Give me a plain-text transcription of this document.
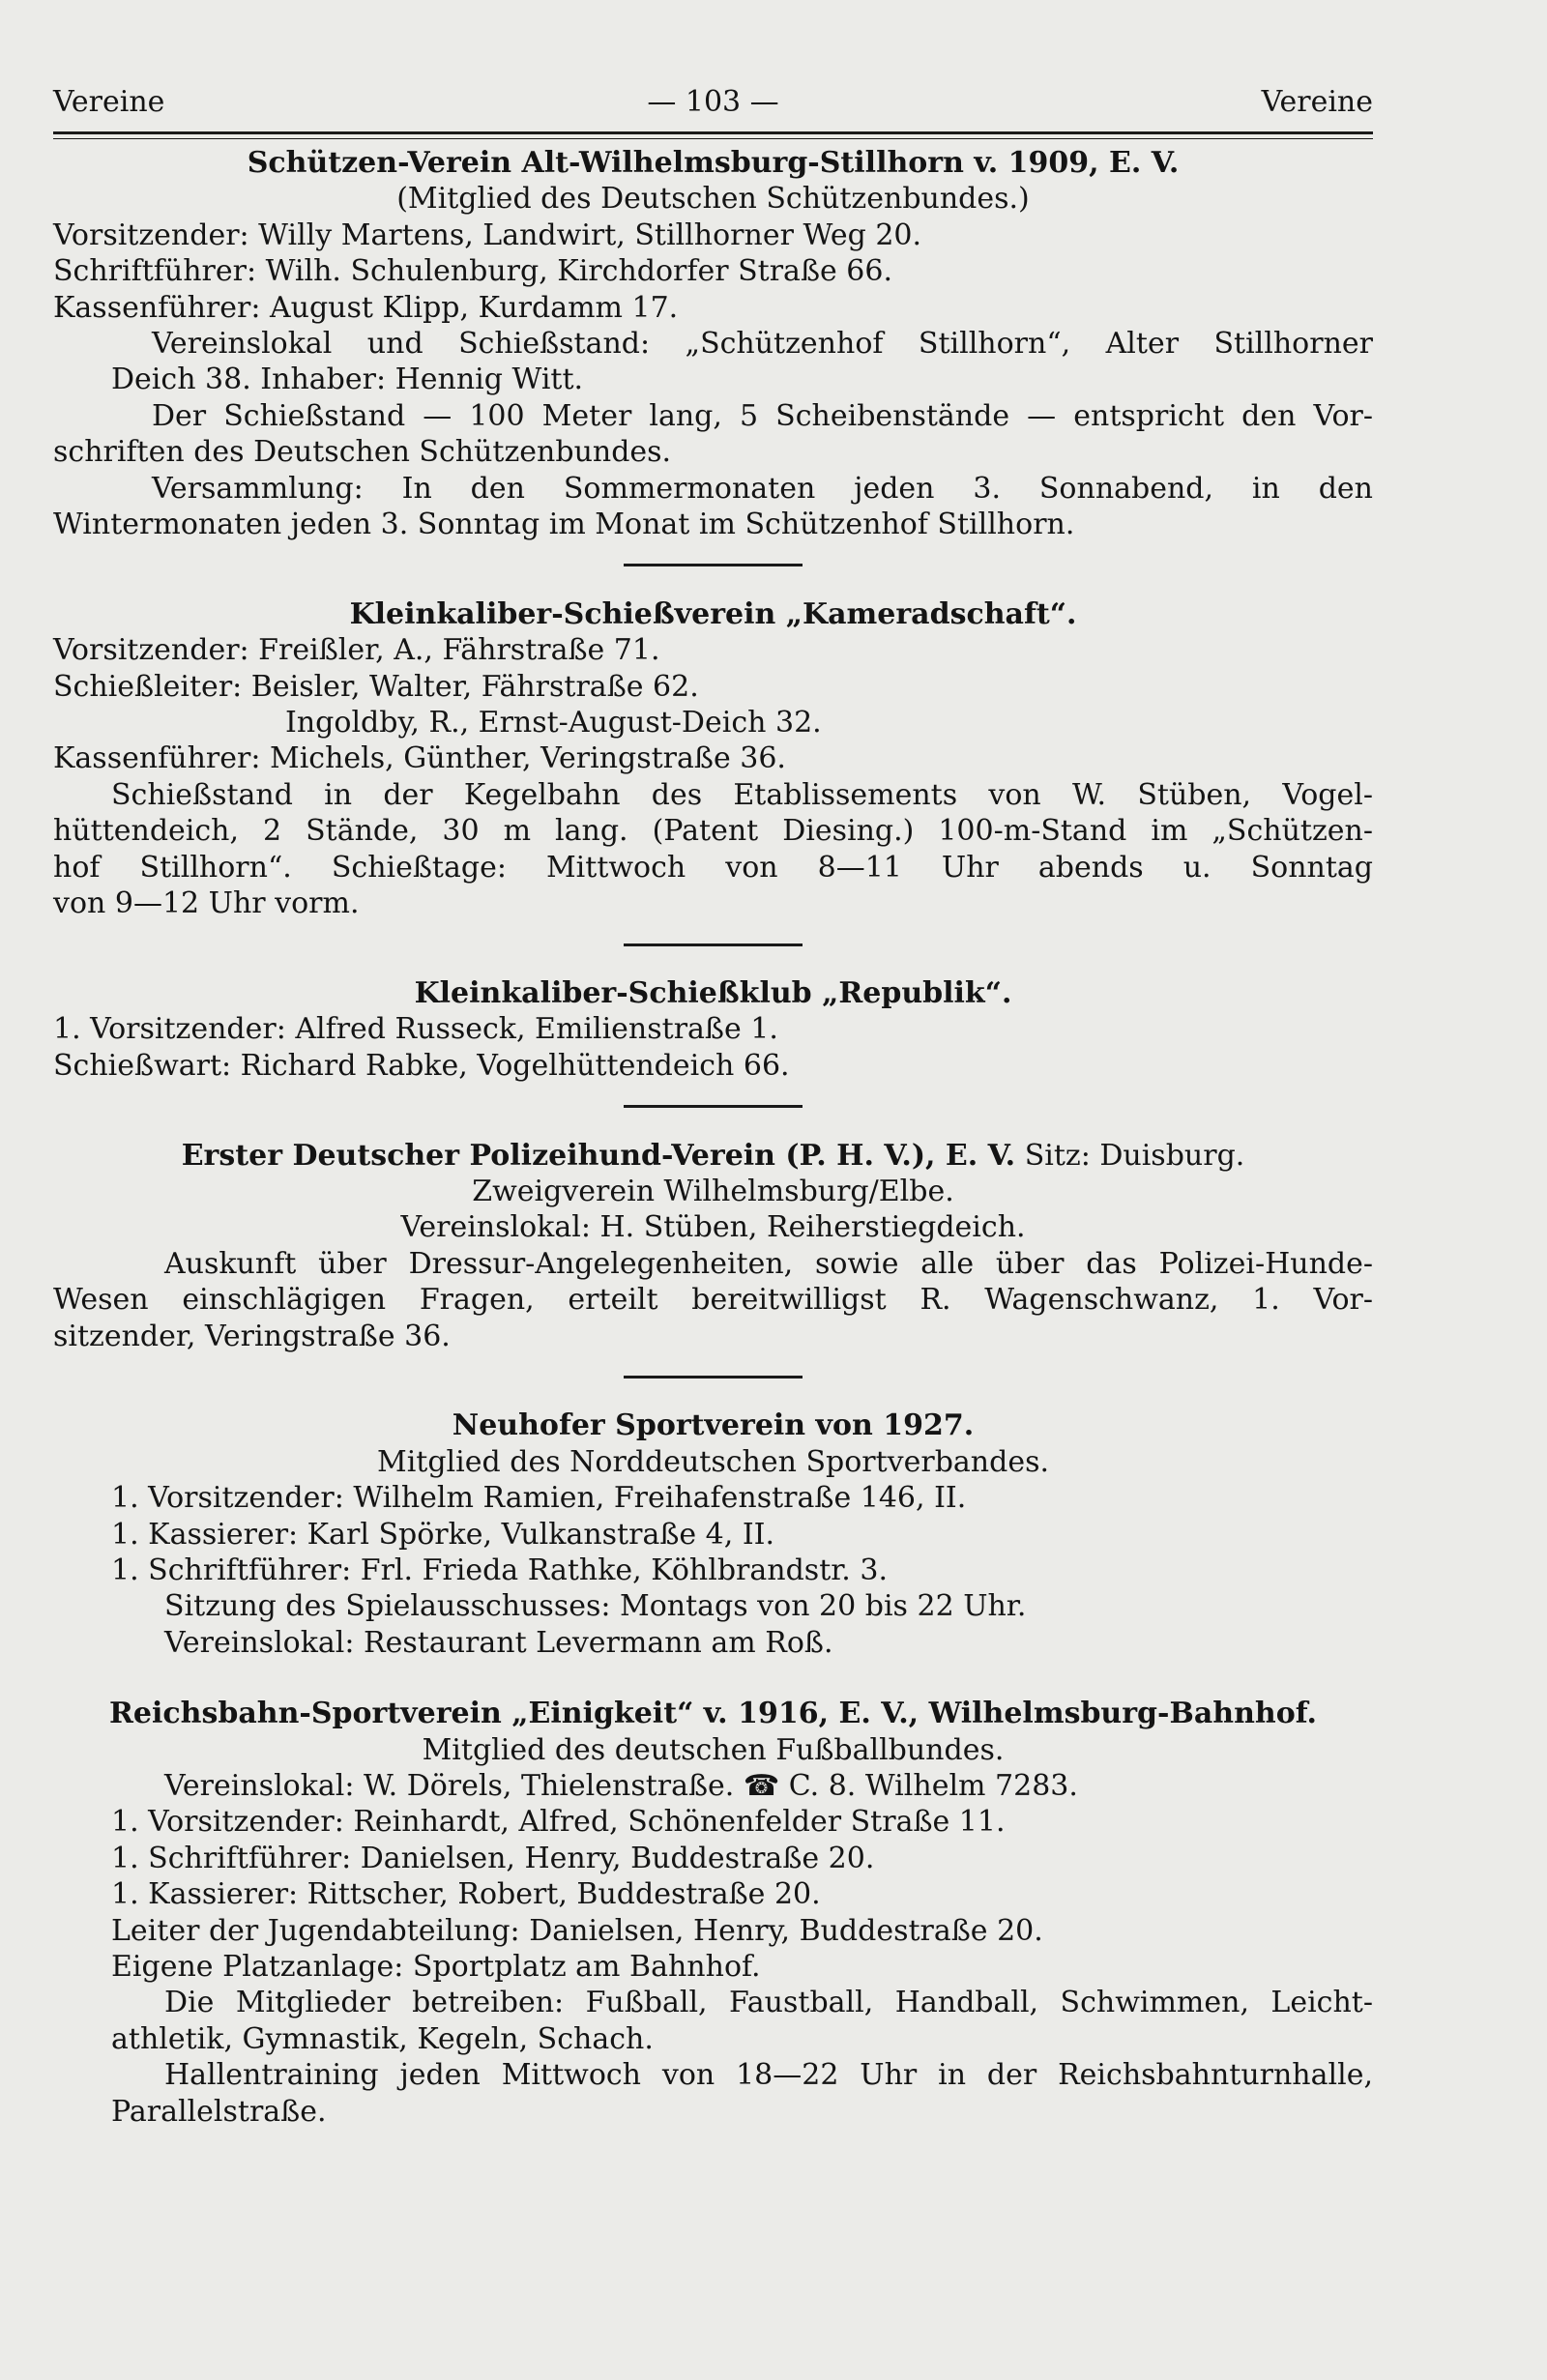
Vereine	— 103 —	Vereine

Schützen-Verein Alt-Wilhelmsburg-Stillhorn v. 1909, E. V.

(Mitglied des Deutschen Schützenbundes.)

Vorsitzender: Willy Martens, Landwirt, Stillhorner Weg 20.

Schriftführer: Wilh. Schulenburg, Kirchdorfer Straße 66.

Kassenführer: August Klipp, Kurdamm 17.

Vereinslokal und Schießstand: „Schützenhof Stillhorn“, Alter Stillhorner

Deich 38. Inhaber: Hennig Witt.

Der Schießstand — 100 Meter lang, 5 Scheibenstände — entspricht den Vor-

schriften des Deutschen Schützenbundes.

Versammlung: In den Sommermonaten jeden 3. Sonnabend, in den

Wintermonaten jeden 3. Sonntag im Monat im Schützenhof Stillhorn.

Kleinkaliber-Schießverein „Kameradschaft“.

Vorsitzender: Freißler, A., Fährstraße 71.

Schießleiter: Beisler, Walter, Fährstraße 62.

Ingoldby, R., Ernst-August-Deich 32.

Kassenführer: Michels, Günther, Veringstraße 36.

Schießstand in der Kegelbahn des Etablissements von W. Stüben, Vogel-

hüttendeich, 2 Stände, 30 m lang. (Patent Diesing.) 100-m-Stand im „Schützen-

hof Stillhorn“. Schießtage: Mittwoch von 8—11 Uhr abends u. Sonntag

von 9—12 Uhr vorm.

Kleinkaliber-Schießklub „Republik“.

1. Vorsitzender: Alfred Russeck, Emilienstraße 1.

Schießwart: Richard Rabke, Vogelhüttendeich 66.

Erster Deutscher Polizeihund-Verein (P. H. V.), E. V. Sitz: Duisburg.

Zweigverein Wilhelmsburg/Elbe.

Vereinslokal: H. Stüben, Reiherstiegdeich.

Auskunft über Dressur-Angelegenheiten, sowie alle über das Polizei-Hunde-

Wesen einschlägigen Fragen, erteilt bereitwilligst R. Wagenschwanz, 1. Vor-

sitzender, Veringstraße 36.

Neuhofer Sportverein von 1927.

Mitglied des Norddeutschen Sportverbandes.

1. Vorsitzender: Wilhelm Ramien, Freihafenstraße 146, II.

1. Kassierer: Karl Spörke, Vulkanstraße 4, II.

1. Schriftführer: Frl. Frieda Rathke, Köhlbrandstr. 3.

Sitzung des Spielausschusses: Montags von 20 bis 22 Uhr.

Vereinslokal: Restaurant Levermann am Roß.

Reichsbahn-Sportverein „Einigkeit“ v. 1916, E. V., Wilhelmsburg-Bahnhof.

Mitglied des deutschen Fußballbundes.

Vereinslokal: W. Dörels, Thielenstraße. ☎ C. 8. Wilhelm 7283.

1. Vorsitzender: Reinhardt, Alfred, Schönenfelder Straße 11.

1. Schriftführer: Danielsen, Henry, Buddestraße 20.

1. Kassierer: Rittscher, Robert, Buddestraße 20.

Leiter der Jugendabteilung: Danielsen, Henry, Buddestraße 20.

Eigene Platzanlage: Sportplatz am Bahnhof.

Die Mitglieder betreiben: Fußball, Faustball, Handball, Schwimmen, Leicht-

athletik, Gymnastik, Kegeln, Schach.

Hallentraining jeden Mittwoch von 18—22 Uhr in der Reichsbahnturnhalle,

Parallelstraße.
